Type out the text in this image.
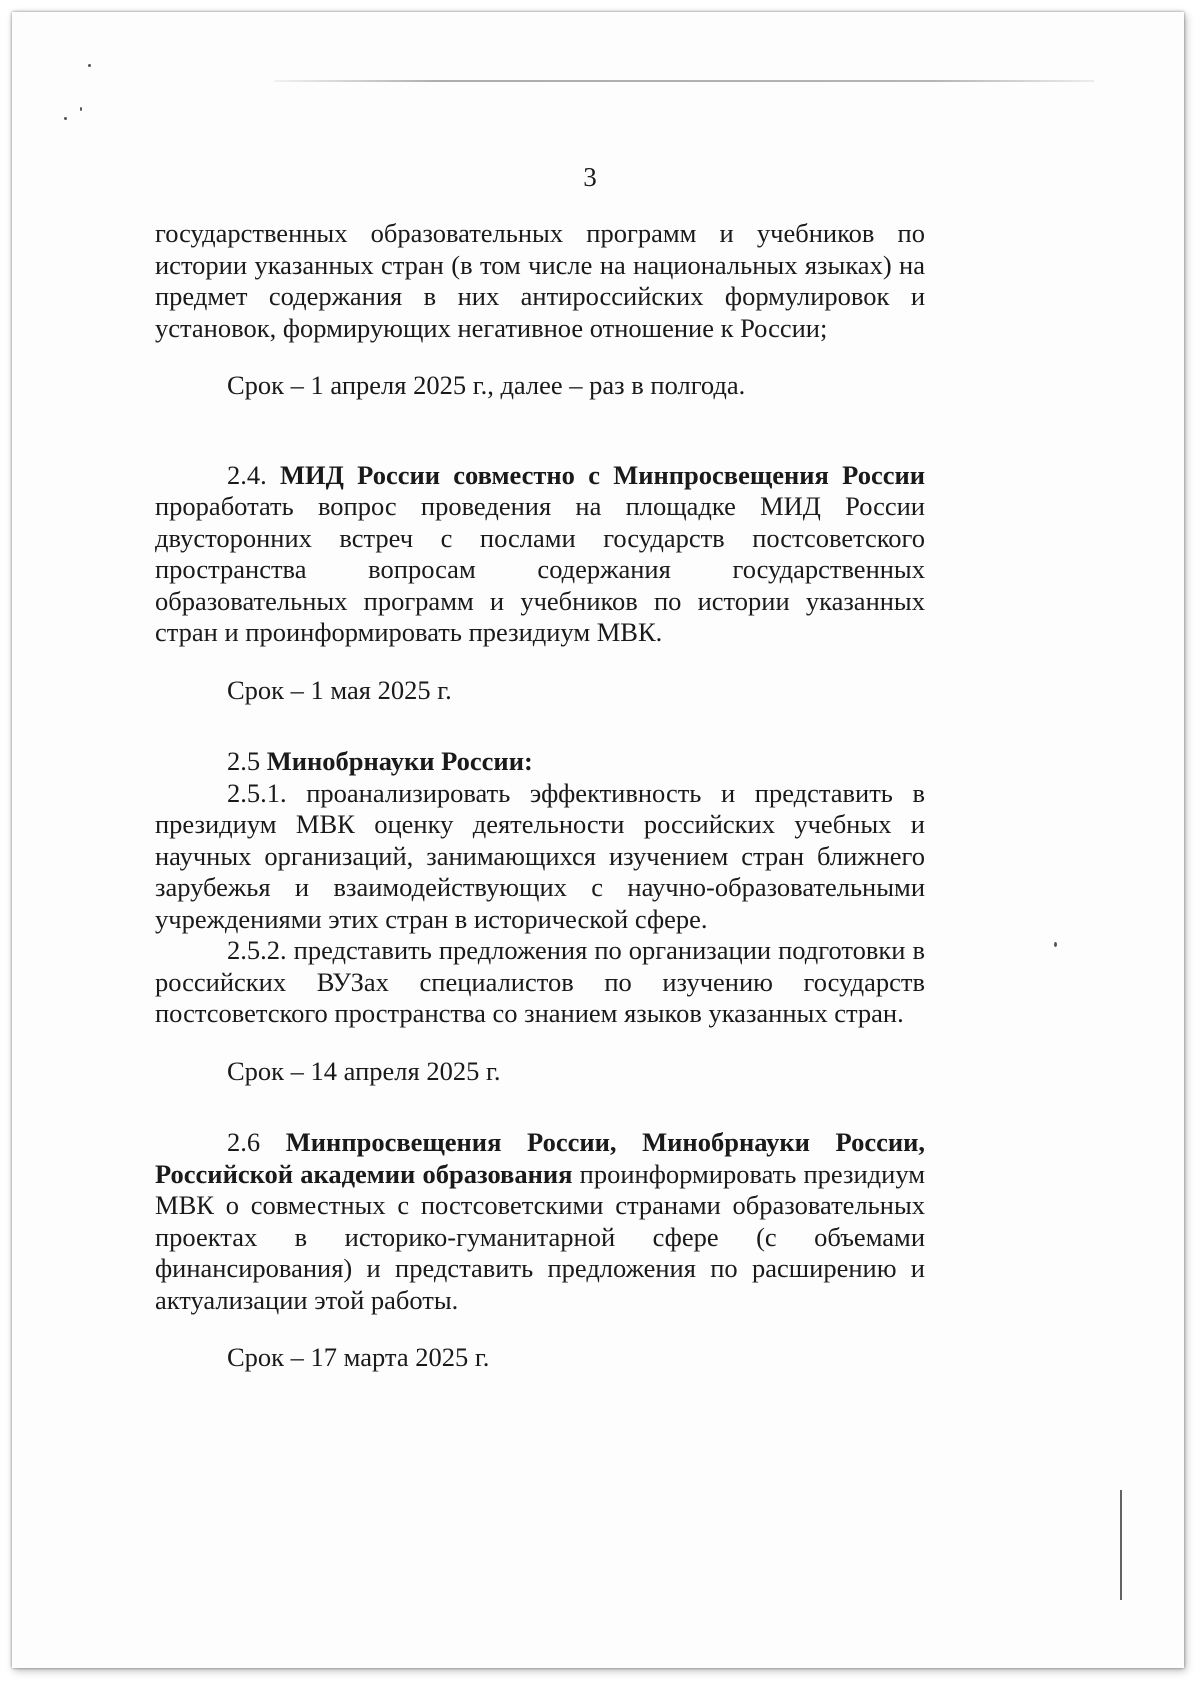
3

государственных образовательных программ и учебников по истории указанных стран (в том числе на национальных языках) на предмет содержания в них антироссийских формулировок и установок, формирующих негативное отношение к России;

Срок – 1 апреля 2025 г., далее – раз в полгода.

2.4. МИД России совместно с Минпросвещения России проработать вопрос проведения на площадке МИД России двусторонних встреч с послами государств постсоветского пространства вопросам содержания государственных образовательных программ и учебников по истории указанных стран и проинформировать президиум МВК.

Срок – 1 мая 2025 г.

2.5 Минобрнауки России:

2.5.1. проанализировать эффективность и представить в президиум МВК оценку деятельности российских учебных и научных организаций, занимающихся изучением стран ближнего зарубежья и взаимодействующих с научно-образовательными учреждениями этих стран в исторической сфере.

2.5.2. представить предложения по организации подготовки в российских ВУЗах специалистов по изучению государств постсоветского пространства со знанием языков указанных стран.

Срок – 14 апреля 2025 г.

2.6 Минпросвещения России, Минобрнауки России, Российской академии образования проинформировать президиум МВК о совместных с постсоветскими странами образовательных проектах в историко-гуманитарной сфере (с объемами финансирования) и представить предложения по расширению и актуализации этой работы.

Срок – 17 марта 2025 г.
